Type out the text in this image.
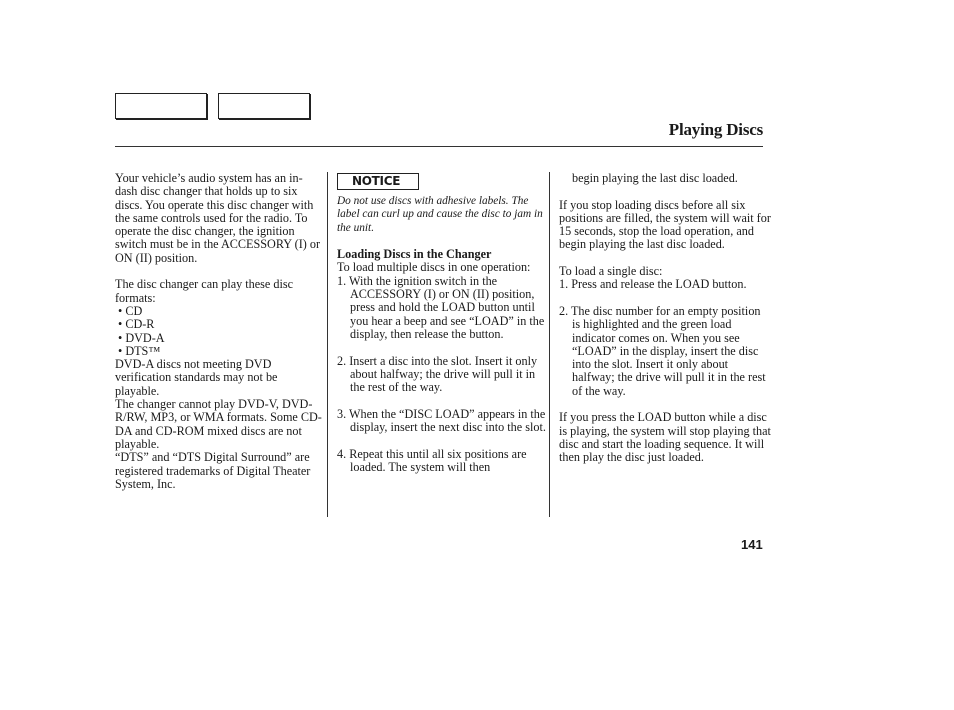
Playing Discs

Your vehicle’s audio system has an in-dash disc changer that holds up to six discs. You operate this disc changer with the same controls used for the radio. To operate the disc changer, the ignition switch must be in the ACCESSORY (I) or ON (II) position.

The disc changer can play these disc formats:

• CD

• CD-R

• DVD-A

• DTS™

DVD-A discs not meeting DVD verification standards may not be playable.

The changer cannot play DVD-V, DVD-R/RW, MP3, or WMA formats. Some CD-DA and CD-ROM mixed discs are not playable.

“DTS” and “DTS Digital Surround” are registered trademarks of Digital Theater System, Inc.

NOTICE

Do not use discs with adhesive labels. The label can curl up and cause the disc to jam in the unit.

Loading Discs in the Changer

To load multiple discs in one operation:

1. With the ignition switch in the ACCESSORY (I) or ON (II) position, press and hold the LOAD button until you hear a beep and see “LOAD” in the display, then release the button.

2. Insert a disc into the slot. Insert it only about halfway; the drive will pull it in the rest of the way.

3. When the “DISC LOAD” appears in the display, insert the next disc into the slot.

4. Repeat this until all six positions are loaded. The system will then

begin playing the last disc loaded.

If you stop loading discs before all six positions are filled, the system will wait for 15 seconds, stop the load operation, and begin playing the last disc loaded.

To load a single disc:

1. Press and release the LOAD button.

2. The disc number for an empty position is highlighted and the green load indicator comes on. When you see “LOAD” in the display, insert the disc into the slot. Insert it only about halfway; the drive will pull it in the rest of the way.

If you press the LOAD button while a disc is playing, the system will stop playing that disc and start the loading sequence. It will then play the disc just loaded.

141
